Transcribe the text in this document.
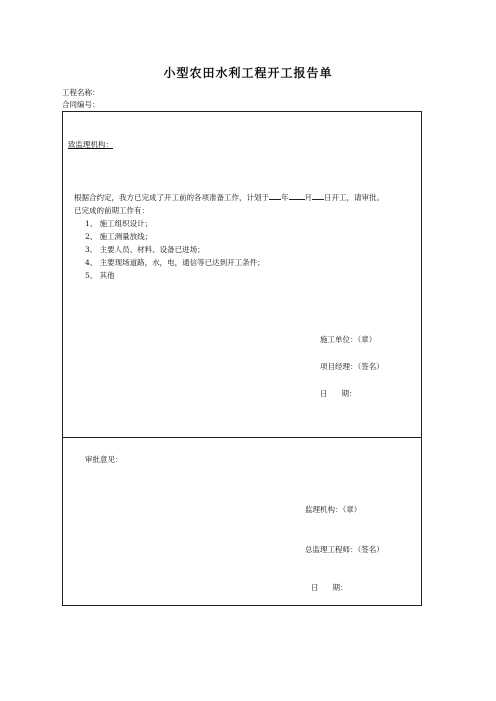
小型农田水利工程开工报告单
工程名称：
合同编号：
致监理机构：
根据合约定，我方已完成了开工前的各项准备工作，计划于 年 月 日开工，请审批。
已完成的前期工作有：
1、 施工组织设计；
2、 施工测量放线；
3、 主要人员、材料、设备已进场；
4、 主要现场道路，水，电，通信等已达到开工条件；
5、 其他
施工单位：（章）
项目经理：（签名）
日 期：
审批意见：
监理机构：（章）
总监理工程师：（签名）
日 期：
